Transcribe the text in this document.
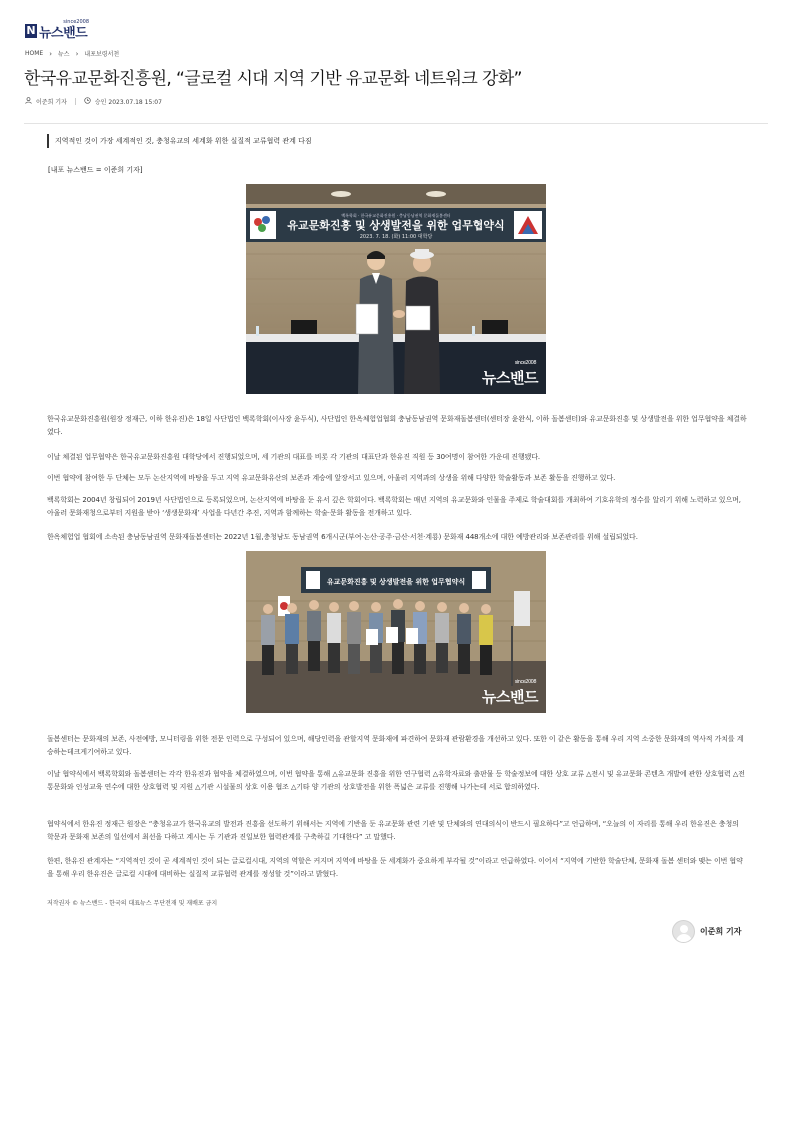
N 뉴스밴드
since2008
HOME › 뉴스 › 내포보령서천
한국유교문화진흥원, “글로컬 시대 지역 기반 유교문화 네트워크 강화”
이준희 기자	승인 2023.07.18 15:07
지역적인 것이 가장 세계적인 것, 충청유교의 세계화 위한 실질적 교류협력 관계 다짐
[내포 뉴스밴드 = 이준희 기자]
백록학회 · 한국유교문화진흥원 · 충남동남권역 문화재돌봄센터
유교문화진흥 및 상생발전을 위한 업무협약식
2023. 7. 18. (화) 11:00 대학당
since2008
뉴스밴드

한국유교문화진흥원(원장 정재근, 이하 한유진)은 18일 사단법인 백록학회(이사장 윤두식), 사단법인 한옥체험업협회 충남동남권역 문화재돌봄센터(센터장 윤완식, 이하 돌봄센터)와 유교문화진흥 및 상생발전을 위한 업무협약을 체결하였다.

이날 체결된 업무협약은 한국유교문화진흥원 대학당에서 진행되었으며, 세 기관의 대표를 비롯 각 기관의 대표단과 한유진 직원 등 30여명이 참여한 가운데 진행됐다.

이번 협약에 참여한 두 단체는 모두 논산지역에 바탕을 두고 지역 유교문화유산의 보존과 계승에 앞장서고 있으며, 아울러 지역과의 상생을 위해 다양한 학술활동과 보존 활동을 진행하고 있다.

백록학회는 2004년 창립되어 2019년 사단법인으로 등록되었으며, 논산지역에 바탕을 둔 유서 깊은 학회이다. 백록학회는 매년 지역의 유교문화와 인물을 주제로 학술대회를 개최하여 기호유학의 정수를 알리기 위해 노력하고 있으며, 아울러 문화재청으로부터 지원을 받아 ‘생생문화재’ 사업을 다년간 추진, 지역과 함께하는 학술·문화 활동을 전개하고 있다.

한옥체험업 협회에 소속된 충남동남권역 문화재돌봄센터는 2022년 1월,충청남도 동남권역 6개시군(부여·논산·공주·금산·서천·계룡) 문화재 448개소에 대한 예방관리와 보존관리를 위해 설립되었다.

유교문화진흥 및 상생발전을 위한 업무협약식
since2008
뉴스밴드

돌봄센터는 문화재의 보존, 사전예방, 모니터링을 위한 전문 인력으로 구성되어 있으며, 해당인력을 관할지역 문화재에 파견하여 문화재 관람환경을 개선하고 있다. 또한 이 같은 활동을 통해 우리 지역 소중한 문화재의 역사적 가치를 계승하는데크게기여하고 있다.

이날 협약식에서 백록학회와 돌봄센터는 각각 한유진과 협약을 체결하였으며, 이번 협약을 통해 △유교문화 진흥을 위한 연구협력 △유학자료와 출판물 등 학술정보에 대한 상호 교류 △전시 및 유교문화 콘텐츠 개발에 관한 상호협력 △전통문화와 인성교육 연수에 대한 상호협력 및 지원 △기관 시설물의 상호 이용 협조 △기타 양 기관의 상호발전을 위한 폭넓은 교류를 진행해 나가는데 서로 합의하였다.

협약식에서 한유진 정재근 원장은 “충청유교가 한국유교의 발전과 진흥을 선도하기 위해서는 지역에 기반을 둔 유교문화 관련 기관 및 단체와의 연대의식이 반드시 필요하다”고 언급하며, “오늘의 이 자리를 통해 우리 한유진은 충청의 학문과 문화재 보존의 일선에서 최선을 다하고 계시는 두 기관과 진일보한 협력관계를 구축하길 기대한다” 고 말했다.

한편, 한유진 관계자는 “지역적인 것이 곧 세계적인 것이 되는 글로컬시대, 지역의 역할은 커지며 지역에 바탕을 둔 세계화가 중요하게 부각될 것”이라고 언급하였다. 이어서 “지역에 기반한 학술단체, 문화재 돌봄 센터와 맺는 이번 협약을 통해 우리 한유진은 글로컬 시대에 대비하는 실질적 교류협력 관계를 정성할 것”이라고 밝혔다.

저작권자 © 뉴스밴드 - 한국의 대표뉴스 무단전재 및 재배포 금지
이준희 기자
